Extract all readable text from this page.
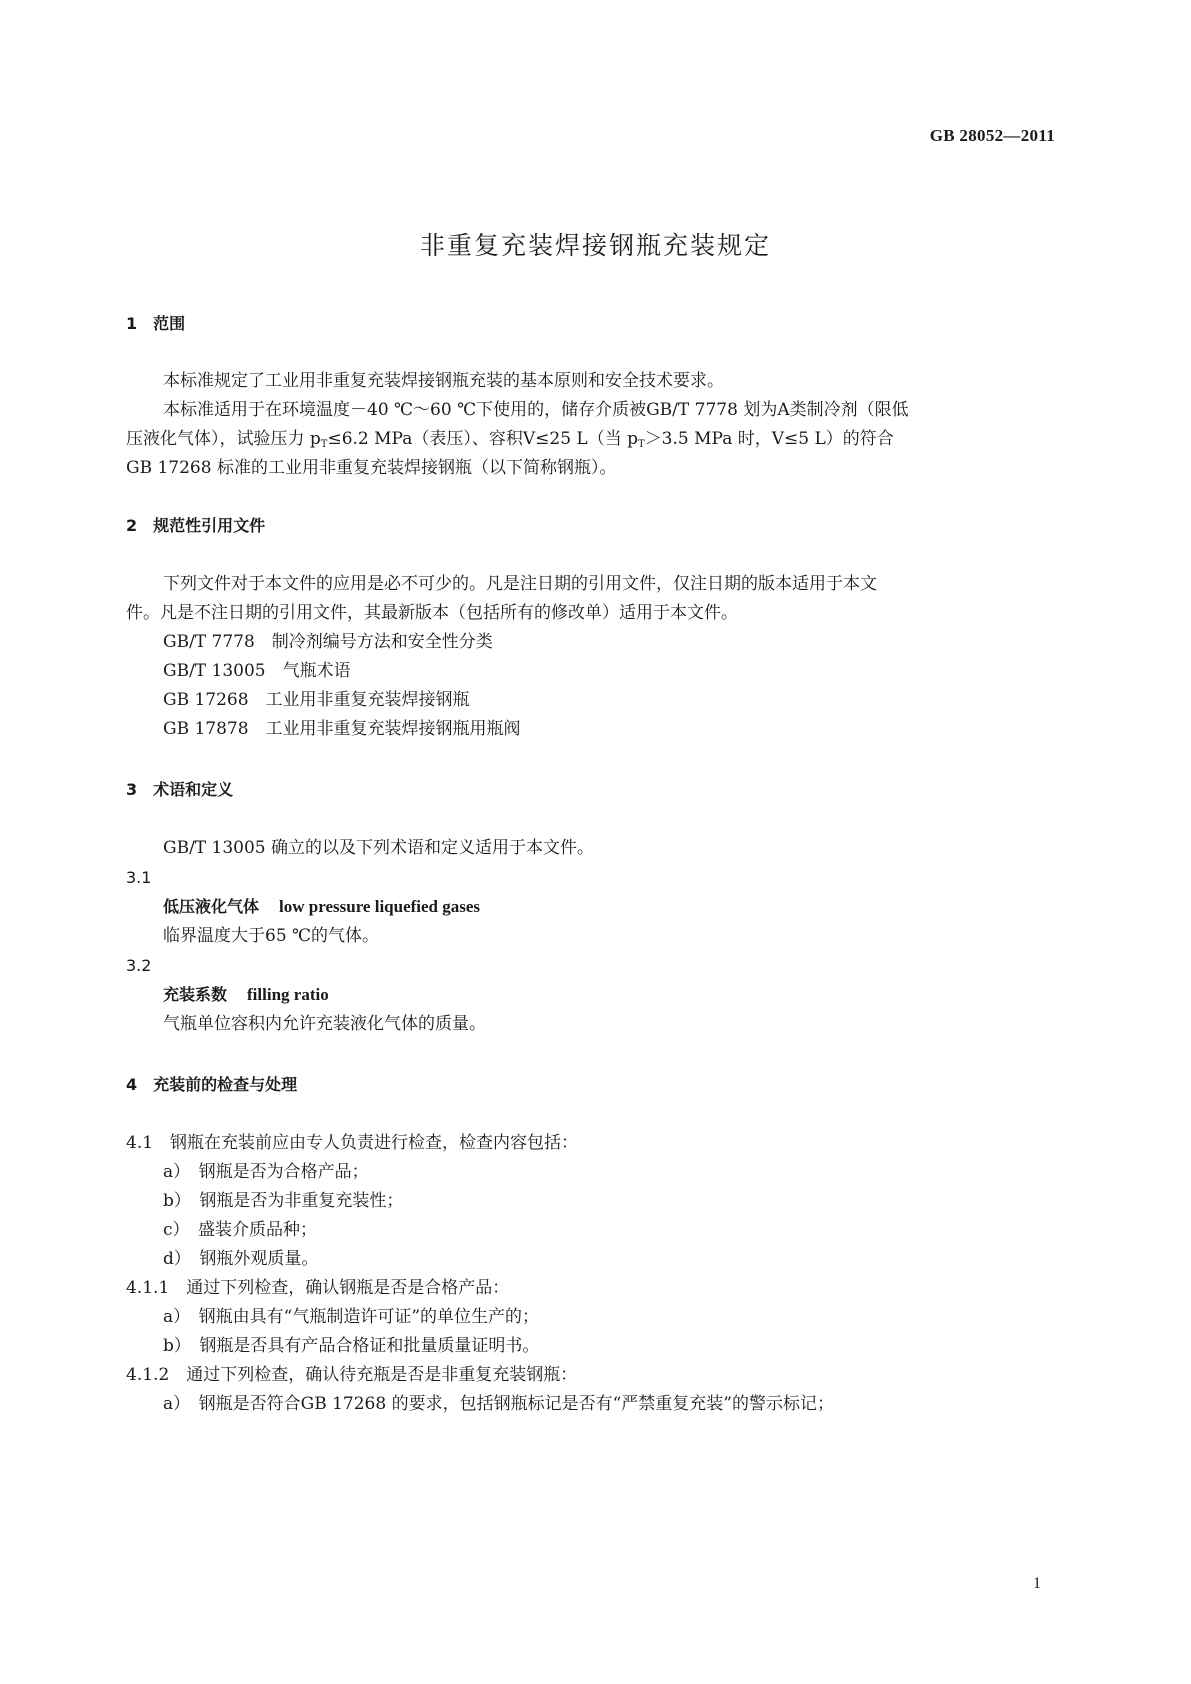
GB 28052—2011
非重复充装焊接钢瓶充装规定
1　范围
本标准规定了工业用非重复充装焊接钢瓶充装的基本原则和安全技术要求。
本标准适用于在环境温度－40 ℃～60 ℃下使用的，储存介质被GB/T 7778 划为A类制冷剂（限低
压液化气体），试验压力 $p_T\le 6.2$ MPa（表压）、容积V≤25 L（当 $p_T>3.5$ MPa 时，V≤5 L）的符合
GB 17268 标准的工业用非重复充装焊接钢瓶（以下简称钢瓶）。
2　规范性引用文件
下列文件对于本文件的应用是必不可少的。凡是注日期的引用文件，仅注日期的版本适用于本文
件。凡是不注日期的引用文件，其最新版本（包括所有的修改单）适用于本文件。
GB/T 7778　制冷剂编号方法和安全性分类
GB/T 13005　气瓶术语
GB 17268　工业用非重复充装焊接钢瓶
GB 17878　工业用非重复充装焊接钢瓶用瓶阀
3　术语和定义
GB/T 13005 确立的以及下列术语和定义适用于本文件。
3.1
低压液化气体 low pressure liquefied gases
临界温度大于65 ℃的气体。
3.2
充装系数 filling ratio
气瓶单位容积内允许充装液化气体的质量。
4　充装前的检查与处理
4.1　钢瓶在充装前应由专人负责进行检查，检查内容包括：
a）　钢瓶是否为合格产品；
b）　钢瓶是否为非重复充装性；
c）　盛装介质品种；
d）　钢瓶外观质量。
4.1.1　通过下列检查，确认钢瓶是否是合格产品：
a）　钢瓶由具有“气瓶制造许可证”的单位生产的；
b）　钢瓶是否具有产品合格证和批量质量证明书。
4.1.2　通过下列检查，确认待充瓶是否是非重复充装钢瓶：
a）　钢瓶是否符合GB 17268 的要求，包括钢瓶标记是否有“严禁重复充装”的警示标记；
1
